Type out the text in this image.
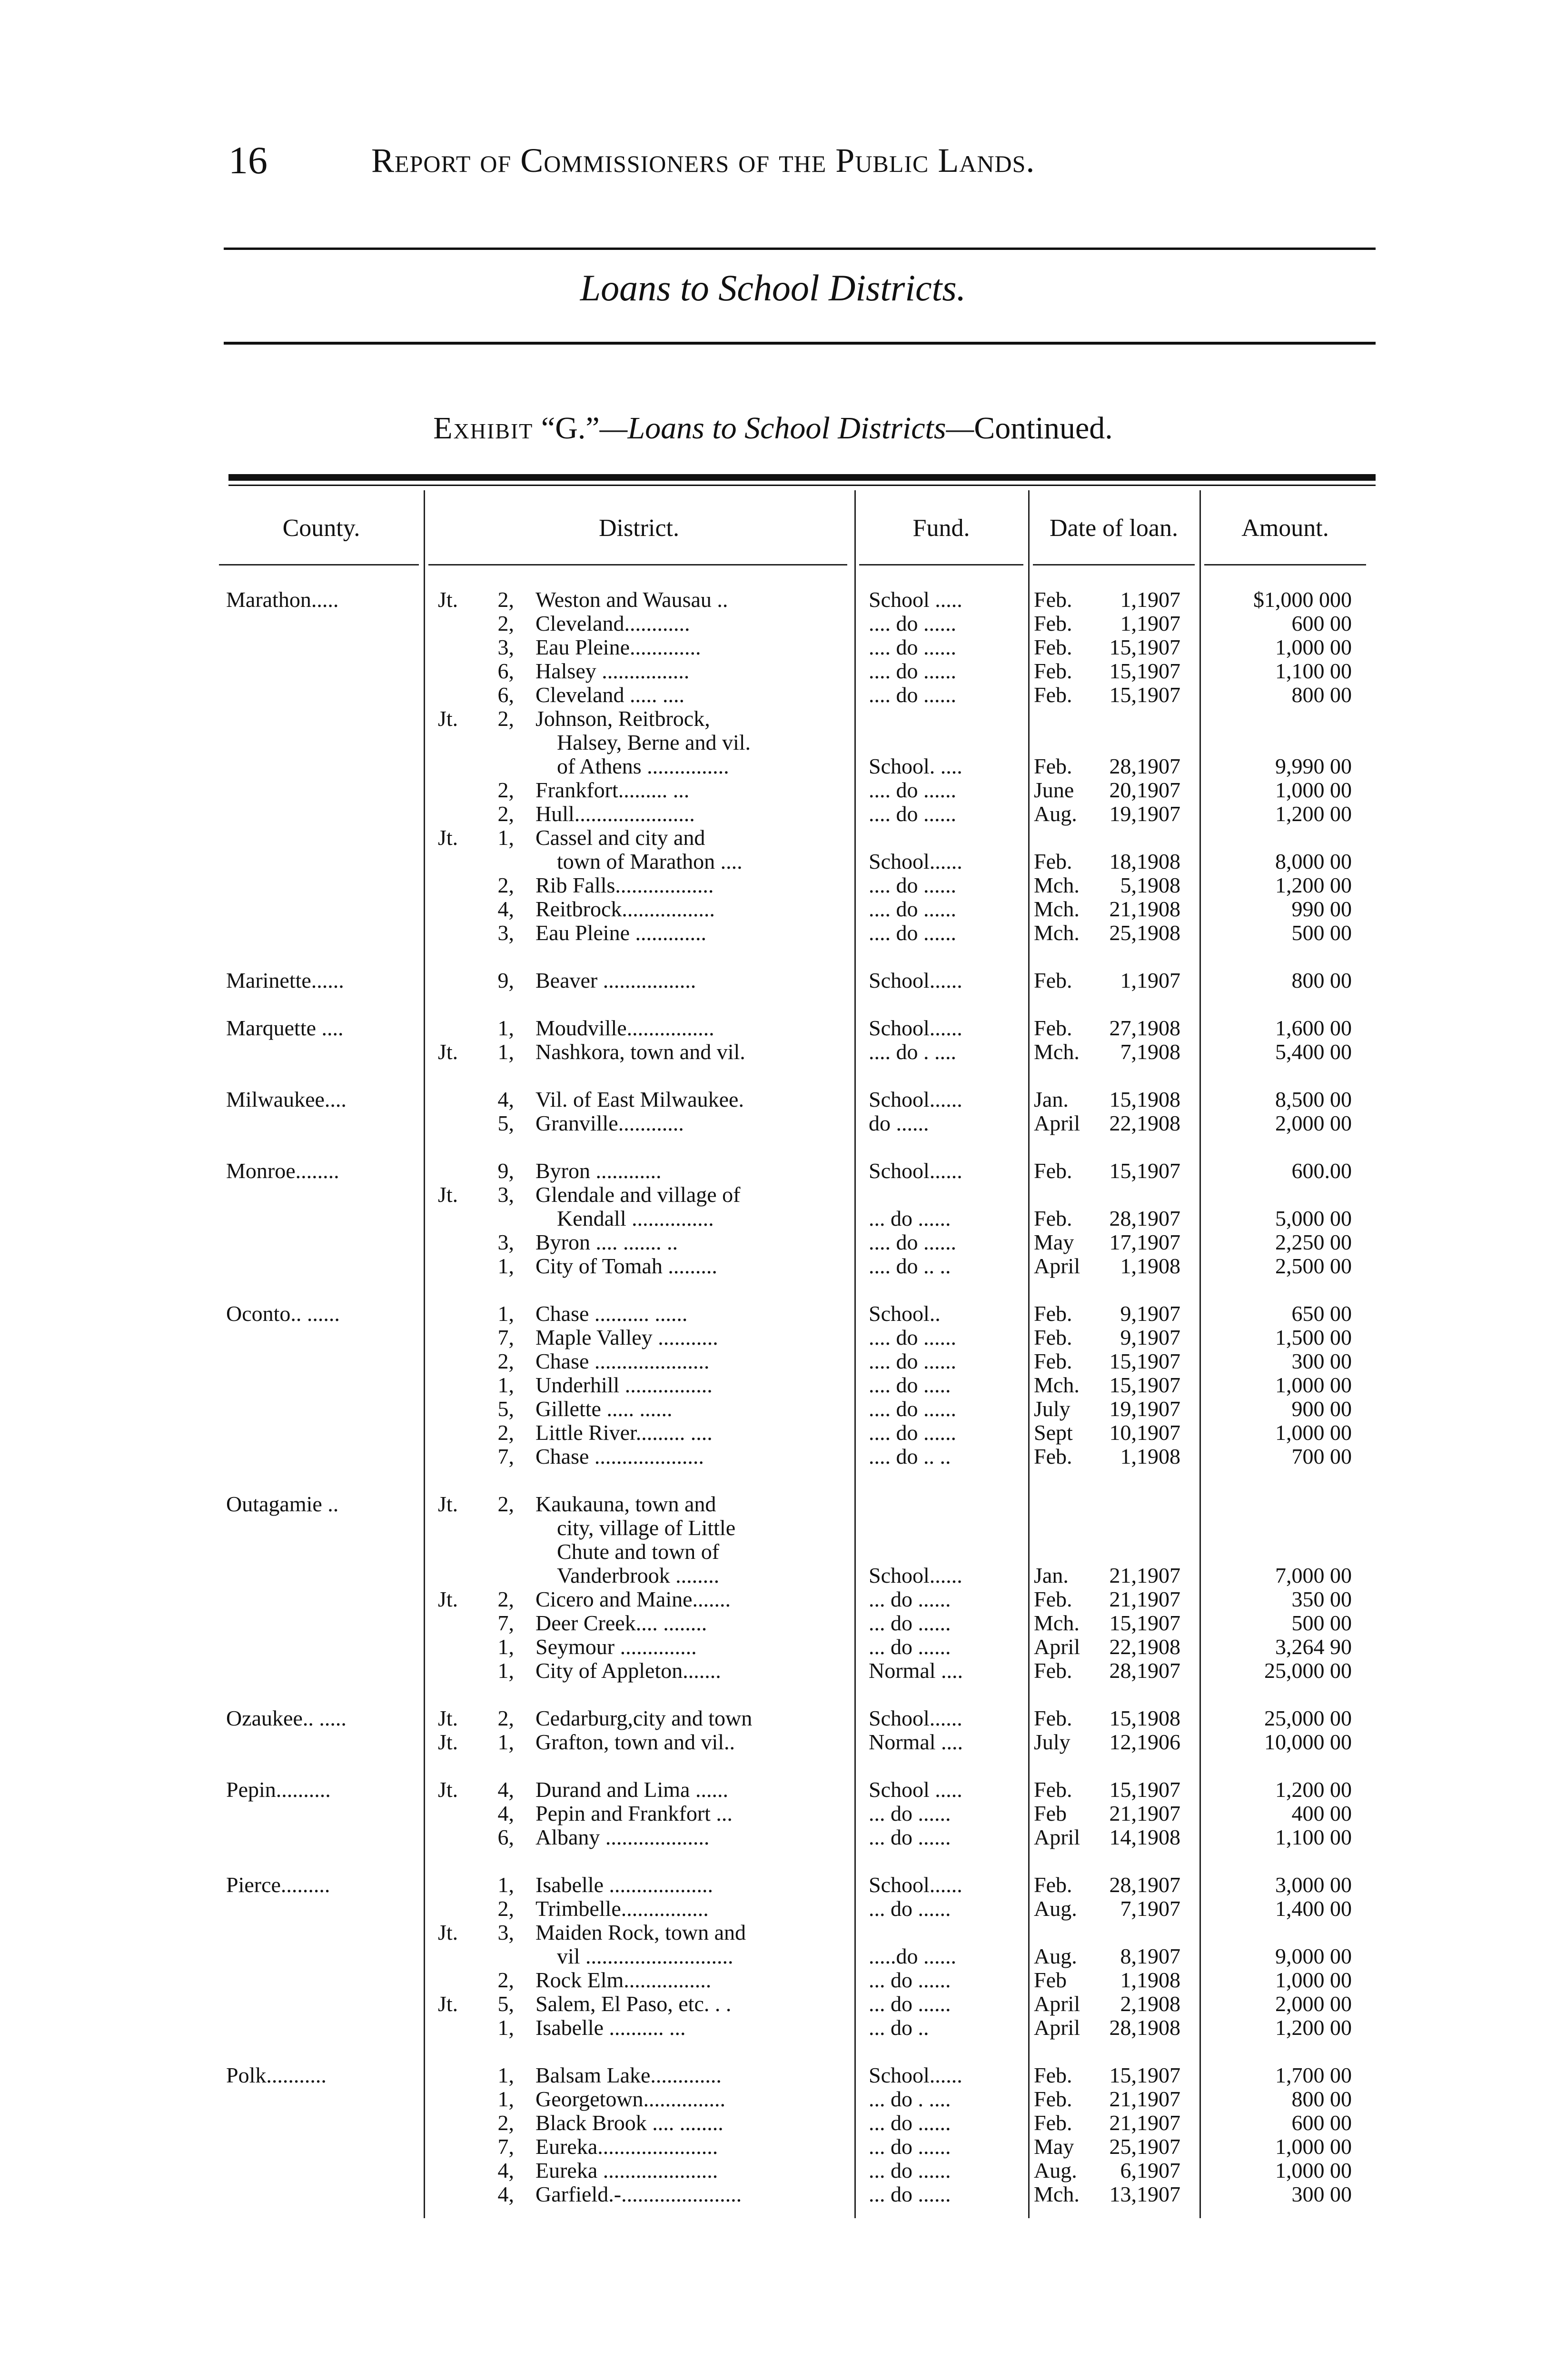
16	Report of Commissioners of the Public Lands.
Loans to School Districts.
Exhibit “G.”—Loans to School Districts—Continued.
County.	District.	Fund.	Date of loan.	Amount.
Marathon.....	Jt.	2, Weston and Wausau ..	School .....	Feb.	1,1907	$1,000 000
2, Cleveland............	.... do ......	Feb.	1,1907	600 00
3, Eau Pleine.............	.... do ......	Feb.	15,1907	1,000 00
6, Halsey ................	.... do ......	Feb.	15,1907	1,100 00
6, Cleveland ..... ....	.... do ......	Feb.	15,1907	800 00
Jt.	2, Johnson, Reitbrock,
Halsey, Berne and vil.
of Athens ...............	School. ....	Feb.	28,1907	9,990 00
2, Frankfort......... ...	.... do ......	June	20,1907	1,000 00
2, Hull......................	.... do ......	Aug.	19,1907	1,200 00
Jt.	1, Cassel and city and
town of Marathon ....	School......	Feb.	18,1908	8,000 00
2, Rib Falls..................	.... do ......	Mch.	5,1908	1,200 00
4, Reitbrock.................	.... do ......	Mch.	21,1908	990 00
3, Eau Pleine .............	.... do ......	Mch.	25,1908	500 00
Marinette......	9, Beaver .................	School......	Feb.	1,1907	800 00
Marquette ....	1, Moudville................	School......	Feb.	27,1908	1,600 00
Jt.	1, Nashkora, town and vil.	.... do . ....	Mch.	7,1908	5,400 00
Milwaukee....	4, Vil. of East Milwaukee.	School......	Jan.	15,1908	8,500 00
5, Granville............	do ......	April	22,1908	2,000 00
Monroe........	9, Byron ............	School......	Feb.	15,1907	600.00
Jt.	3, Glendale and village of
Kendall ...............	... do ......	Feb.	28,1907	5,000 00
3, Byron .... ....... ..	.... do ......	May	17,1907	2,250 00
1, City of Tomah .........	.... do .. ..	April	1,1908	2,500 00
Oconto.. ......	1, Chase .......... ......	School..	Feb.	9,1907	650 00
7, Maple Valley ...........	.... do ......	Feb.	9,1907	1,500 00
2, Chase .....................	.... do ......	Feb.	15,1907	300 00
1, Underhill ................	.... do .....	Mch.	15,1907	1,000 00
5, Gillette ..... ......	.... do ......	July	19,1907	900 00
2, Little River......... ....	.... do ......	Sept	10,1907	1,000 00
7, Chase ....................	.... do .. ..	Feb.	1,1908	700 00
Outagamie ..	Jt.	2, Kaukauna, town and
city, village of Little
Chute and town of
Vanderbrook ........	School......	Jan.	21,1907	7,000 00
Jt.	2, Cicero and Maine.......	... do ......	Feb.	21,1907	350 00
7, Deer Creek.... ........	... do ......	Mch.	15,1907	500 00
1, Seymour ..............	... do ......	April	22,1908	3,264 90
1, City of Appleton.......	Normal ....	Feb.	28,1907	25,000 00
Ozaukee.. .....	Jt.	2, Cedarburg,city and town	School......	Feb.	15,1908	25,000 00
Jt.	1, Grafton, town and vil..	Normal ....	July	12,1906	10,000 00
Pepin..........	Jt.	4, Durand and Lima ......	School .....	Feb.	15,1907	1,200 00
4, Pepin and Frankfort ...	... do ......	Feb	21,1907	400 00
6, Albany ...................	... do ......	April	14,1908	1,100 00
Pierce.........	1, Isabelle ...................	School......	Feb.	28,1907	3,000 00
2, Trimbelle................	... do ......	Aug.	7,1907	1,400 00
Jt.	3, Maiden Rock, town and
vil ...........................	.....do ......	Aug.	8,1907	9,000 00
2, Rock Elm................	... do ......	Feb	1,1908	1,000 00
Jt.	5, Salem, El Paso, etc. . .	... do ......	April	2,1908	2,000 00
1, Isabelle .......... ...	... do ..	April	28,1908	1,200 00
Polk...........	1, Balsam Lake.............	School......	Feb.	15,1907	1,700 00
1, Georgetown...............	... do . ....	Feb.	21,1907	800 00
2, Black Brook .... ........	... do ......	Feb.	21,1907	600 00
7, Eureka......................	... do ......	May	25,1907	1,000 00
4, Eureka .....................	... do ......	Aug.	6,1907	1,000 00
4, Garfield.-......................	... do ......	Mch.	13,1907	300 00
